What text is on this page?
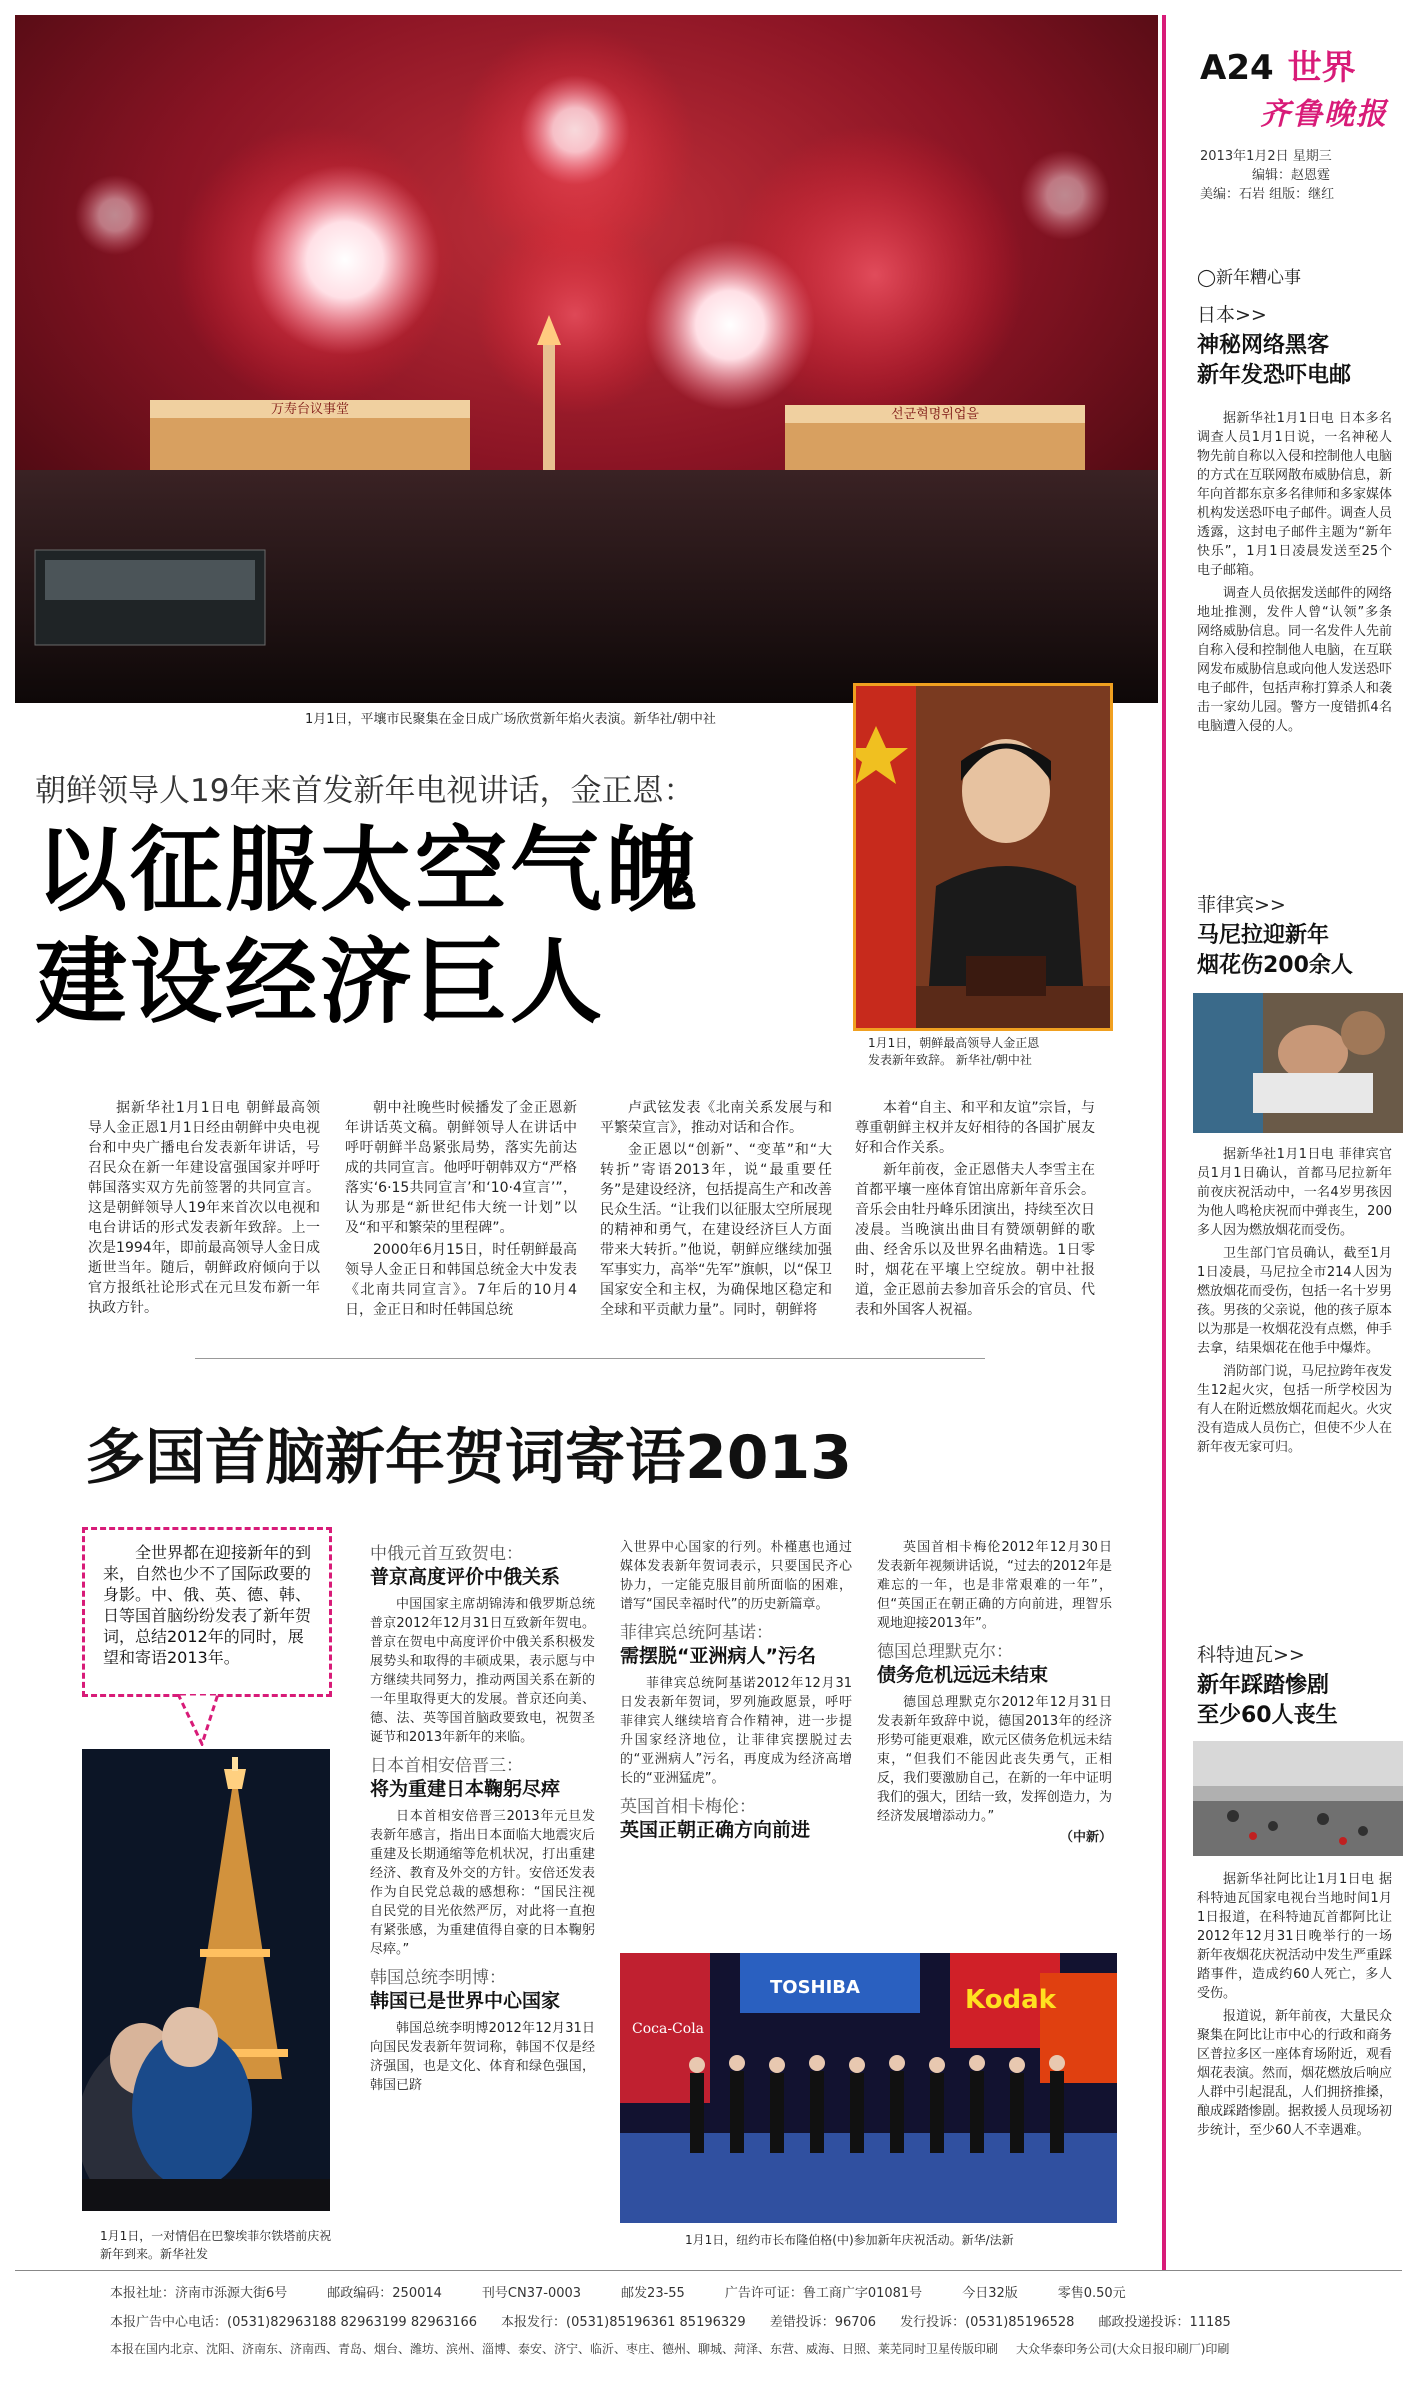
万寿台议事堂	선군혁명위업을
1月1日，平壤市民聚集在金日成广场欣赏新年焰火表演。新华社/朝中社
1月1日，朝鲜最高领导人金正恩
发表新年致辞。 新华社/朝中社
朝鲜领导人19年来首发新年电视讲话，金正恩：
以征服太空气魄
建设经济巨人

据新华社1月1日电 朝鲜最高领导人金正恩1月1日经由朝鲜中央电视台和中央广播电台发表新年讲话，号召民众在新一年建设富强国家并呼吁韩国落实双方先前签署的共同宣言。这是朝鲜领导人19年来首次以电视和电台讲话的形式发表新年致辞。上一次是1994年，即前最高领导人金日成逝世当年。随后，朝鲜政府倾向于以官方报纸社论形式在元旦发布新一年执政方针。

朝中社晚些时候播发了金正恩新年讲话英文稿。朝鲜领导人在讲话中呼吁朝鲜半岛紧张局势，落实先前达成的共同宣言。他呼吁朝韩双方“严格落实‘6·15共同宣言’和‘10·4宣言’”，认为那是“新世纪伟大统一计划”以及“和平和繁荣的里程碑”。

2000年6月15日，时任朝鲜最高领导人金正日和韩国总统金大中发表《北南共同宣言》。7年后的10月4日，金正日和时任韩国总统

卢武铉发表《北南关系发展与和平繁荣宣言》，推动对话和合作。

金正恩以“创新”、“变革”和“大转折”寄语2013年，说“最重要任务”是建设经济，包括提高生产和改善民众生活。“让我们以征服太空所展现的精神和勇气，在建设经济巨人方面带来大转折。”他说，朝鲜应继续加强军事实力，高举“先军”旗帜，以“保卫国家安全和主权，为确保地区稳定和全球和平贡献力量”。同时，朝鲜将

本着“自主、和平和友谊”宗旨，与尊重朝鲜主权并友好相待的各国扩展友好和合作关系。

新年前夜，金正恩偕夫人李雪主在首都平壤一座体育馆出席新年音乐会。音乐会由牡丹峰乐团演出，持续至次日凌晨。当晚演出曲目有赞颂朝鲜的歌曲、经舍乐以及世界名曲精选。1日零时，烟花在平壤上空绽放。朝中社报道，金正恩前去参加音乐会的官员、代表和外国客人祝福。

多国首脑新年贺词寄语2013
全世界都在迎接新年的到来，自然也少不了国际政要的身影。中、俄、英、德、韩、日等国首脑纷纷发表了新年贺词，总结2012年的同时，展望和寄语2013年。
1月1日，一对情侣在巴黎埃菲尔铁塔前庆祝新年到来。新华社发
中俄元首互致贺电：
普京高度评价中俄关系

中国国家主席胡锦涛和俄罗斯总统普京2012年12月31日互致新年贺电。普京在贺电中高度评价中俄关系积极发展势头和取得的丰硕成果，表示愿与中方继续共同努力，推动两国关系在新的一年里取得更大的发展。普京还向美、德、法、英等国首脑政要致电，祝贺圣诞节和2013年新年的来临。

日本首相安倍晋三：
将为重建日本鞠躬尽瘁

日本首相安倍晋三2013年元旦发表新年感言，指出日本面临大地震灾后重建及长期通缩等危机状况，打出重建经济、教育及外交的方针。安倍还发表作为自民党总裁的感想称：“国民注视自民党的目光依然严厉，对此将一直抱有紧张感，为重建值得自豪的日本鞠躬尽瘁。”

韩国总统李明博：
韩国已是世界中心国家

韩国总统李明博2012年12月31日向国民发表新年贺词称，韩国不仅是经济强国，也是文化、体育和绿色强国，韩国已跻

入世界中心国家的行列。朴槿惠也通过媒体发表新年贺词表示，只要国民齐心协力，一定能克服目前所面临的困难，谱写“国民幸福时代”的历史新篇章。

菲律宾总统阿基诺：
需摆脱“亚洲病人”污名

菲律宾总统阿基诺2012年12月31日发表新年贺词，罗列施政愿景，呼吁菲律宾人继续培育合作精神，进一步提升国家经济地位，让菲律宾摆脱过去的“亚洲病人”污名，再度成为经济高增长的“亚洲猛虎”。

英国首相卡梅伦：
英国正朝正确方向前进

英国首相卡梅伦2012年12月30日发表新年视频讲话说，“过去的2012年是难忘的一年，也是非常艰难的一年”，但“英国正在朝正确的方向前进，理智乐观地迎接2013年”。

德国总理默克尔：
债务危机远远未结束

德国总理默克尔2012年12月31日发表新年致辞中说，德国2013年的经济形势可能更艰难，欧元区债务危机远未结束，“但我们不能因此丧失勇气，正相反，我们要激励自己，在新的一年中证明我们的强大，团结一致，发挥创造力，为经济发展增添动力。”

（中新）
Kodak
Coca-Cola
TOSHIBA
1月1日，纽约市长布隆伯格(中)参加新年庆祝活动。新华/法新
A24 世界
齐鲁晚报
2013年1月2日 星期三
编辑：赵恩霆
美编：石岩 组版：继红
◯新年糟心事
日本>>
神秘网络黑客
新年发恐吓电邮

据新华社1月1日电 日本多名调查人员1月1日说，一名神秘人物先前自称以入侵和控制他人电脑的方式在互联网散布威胁信息，新年向首都东京多名律师和多家媒体机构发送恐吓电子邮件。调查人员透露，这封电子邮件主题为“新年快乐”，1月1日凌晨发送至25个电子邮箱。

调查人员依据发送邮件的网络地址推测，发件人曾“认领”多条网络威胁信息。同一名发件人先前自称入侵和控制他人电脑，在互联网发布威胁信息或向他人发送恐吓电子邮件，包括声称打算杀人和袭击一家幼儿园。警方一度错抓4名电脑遭入侵的人。

菲律宾>>
马尼拉迎新年
烟花伤200余人

据新华社1月1日电 菲律宾官员1月1日确认，首都马尼拉新年前夜庆祝活动中，一名4岁男孩因为他人鸣枪庆祝而中弹丧生，200多人因为燃放烟花而受伤。

卫生部门官员确认，截至1月1日凌晨，马尼拉全市214人因为燃放烟花而受伤，包括一名十岁男孩。男孩的父亲说，他的孩子原本以为那是一枚烟花没有点燃，伸手去拿，结果烟花在他手中爆炸。

消防部门说，马尼拉跨年夜发生12起火灾，包括一所学校因为有人在附近燃放烟花而起火。火灾没有造成人员伤亡，但使不少人在新年夜无家可归。

科特迪瓦>>
新年踩踏惨剧
至少60人丧生

据新华社阿比让1月1日电 据科特迪瓦国家电视台当地时间1月1日报道，在科特迪瓦首都阿比让2012年12月31日晚举行的一场新年夜烟花庆祝活动中发生严重踩踏事件，造成约60人死亡，多人受伤。

报道说，新年前夜，大量民众聚集在阿比让市中心的行政和商务区普拉多区一座体育场附近，观看烟花表演。然而，烟花燃放后响应人群中引起混乱，人们拥挤推搡，酿成踩踏惨剧。据救援人员现场初步统计，至少60人不幸遇难。

本报社址：济南市泺源大街6号	邮政编码：250014	刊号CN37-0003	邮发23-55	广告许可证：鲁工商广字01081号	今日32版	零售0.50元
本报广告中心电话：(0531)82963188 82963199 82963166 本报发行：(0531)85196361 85196329 差错投诉：96706 发行投诉：(0531)85196528 邮政投递投诉：11185
本报在国内北京、沈阳、济南东、济南西、青岛、烟台、潍坊、滨州、淄博、泰安、济宁、临沂、枣庄、德州、聊城、菏泽、东营、威海、日照、莱芜同时卫星传版印刷 大众华泰印务公司(大众日报印刷厂)印刷
